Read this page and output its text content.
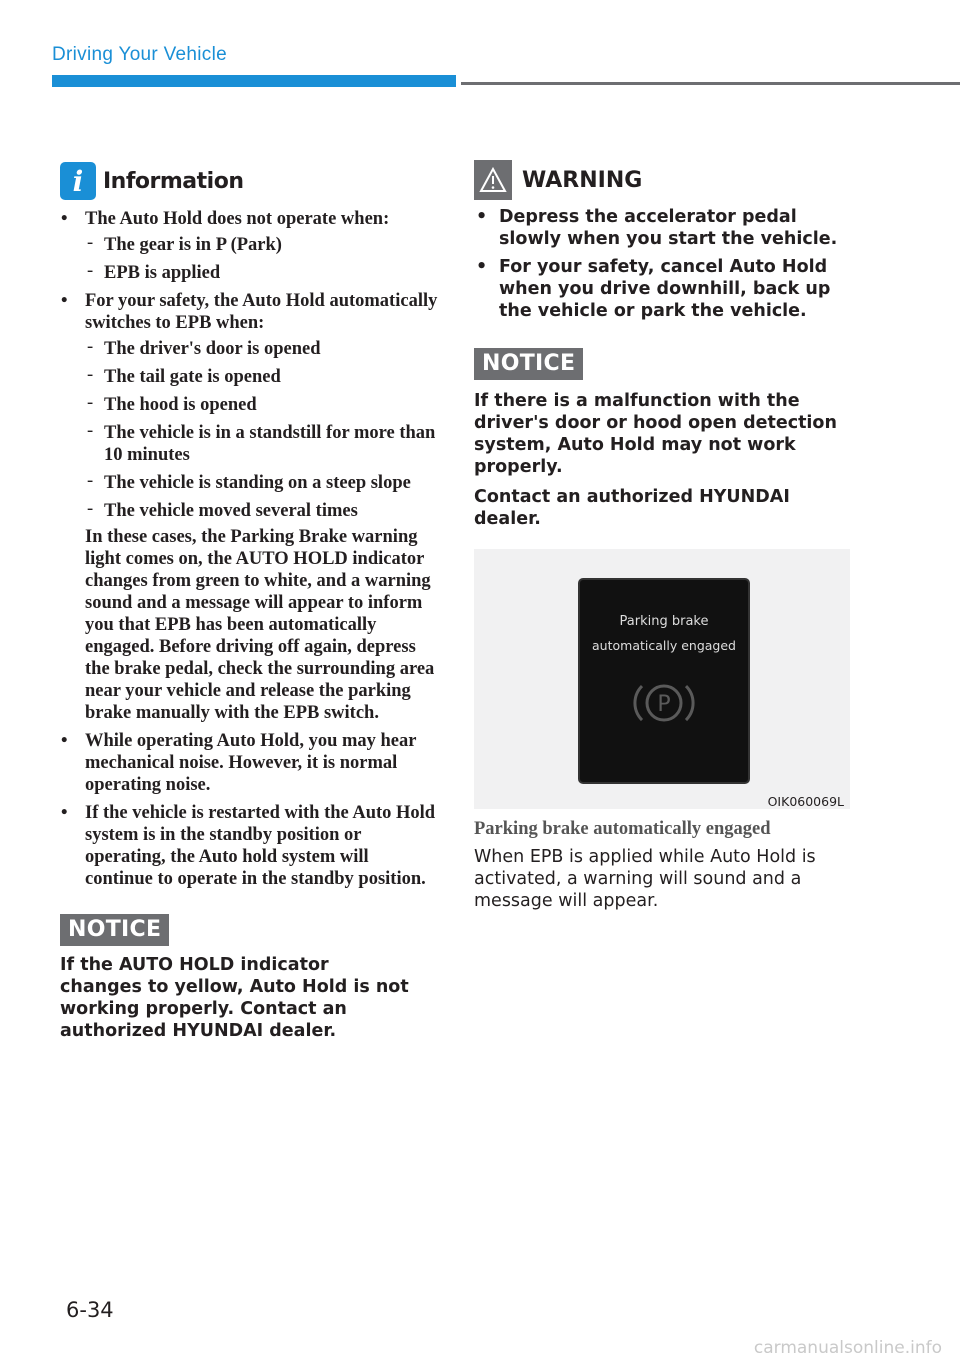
Driving Your Vehicle
i Information
• The Auto Hold does not operate when:
- The gear is in P (Park)
- EPB is applied
• For your safety, the Auto Hold automatically switches to EPB when:
- The driver's door is opened
- The tail gate is opened
- The hood is opened
- The vehicle is in a standstill for more than 10 minutes
- The vehicle is standing on a steep slope
- The vehicle moved several times
In these cases, the Parking Brake warning light comes on, the AUTO HOLD indicator changes from green to white, and a warning sound and a message will appear to inform you that EPB has been automatically engaged. Before driving off again, depress the brake pedal, check the surrounding area near your vehicle and release the parking brake manually with the EPB switch.
• While operating Auto Hold, you may hear mechanical noise. However, it is normal operating noise.
• If the vehicle is restarted with the Auto Hold system is in the standby position or operating, the Auto hold system will continue to operate in the standby position.
NOTICE
If the AUTO HOLD indicator changes to yellow, Auto Hold is not working properly. Contact an authorized HYUNDAI dealer.
WARNING
• Depress the accelerator pedal slowly when you start the vehicle.
• For your safety, cancel Auto Hold when you drive downhill, back up the vehicle or park the vehicle.
NOTICE
If there is a malfunction with the driver's door or hood open detection system, Auto Hold may not work properly.
Contact an authorized HYUNDAI dealer.
Parking brake
automatically engaged
P
OIK060069L
Parking brake automatically engaged
When EPB is applied while Auto Hold is activated, a warning will sound and a message will appear.
6-34
carmanualsonline.info
